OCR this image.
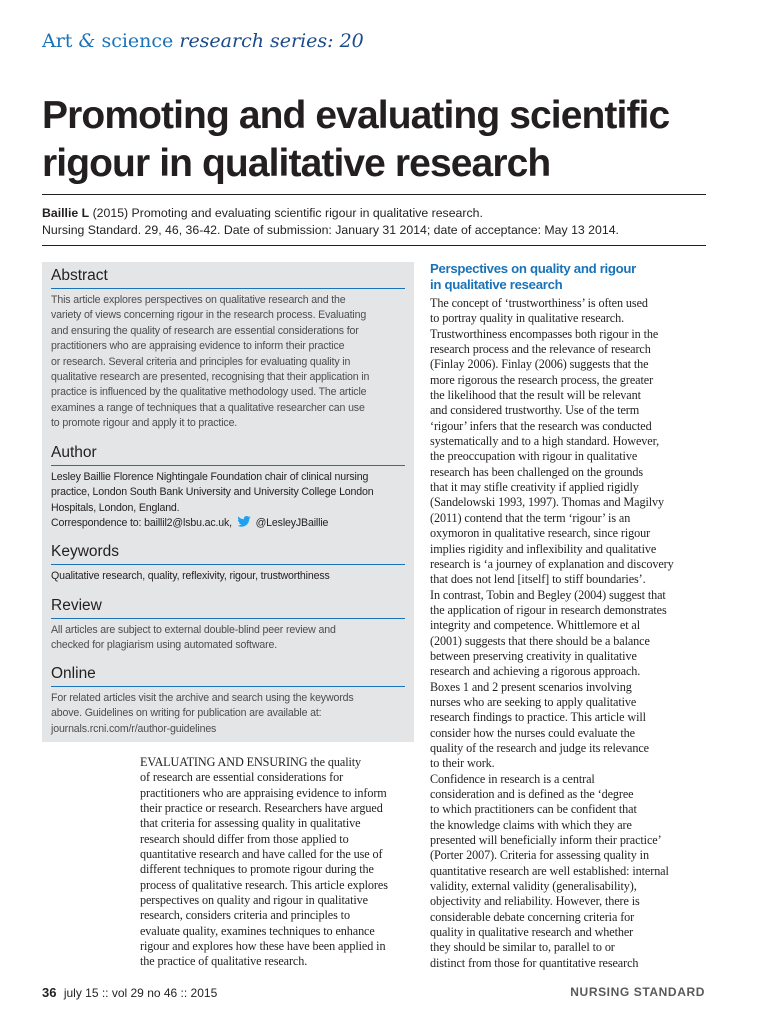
Art & science research series: 20
Promoting and evaluating scientific
rigour in qualitative research
Baillie L (2015) Promoting and evaluating scientific rigour in qualitative research.
Nursing Standard. 29, 46, 36-42. Date of submission: January 31 2014; date of acceptance: May 13 2014.
Abstract
This article explores perspectives on qualitative research and the
variety of views concerning rigour in the research process. Evaluating
and ensuring the quality of research are essential considerations for
practitioners who are appraising evidence to inform their practice
or research. Several criteria and principles for evaluating quality in
qualitative research are presented, recognising that their application in
practice is influenced by the qualitative methodology used. The article
examines a range of techniques that a qualitative researcher can use
to promote rigour and apply it to practice.
Author
Lesley Baillie Florence Nightingale Foundation chair of clinical nursing
practice, London South Bank University and University College London
Hospitals, London, England.
Correspondence to: baillil2@lsbu.ac.uk, @LesleyJBaillie
Keywords
Qualitative research, quality, reflexivity, rigour, trustworthiness
Review
All articles are subject to external double-blind peer review and
checked for plagiarism using automated software.
Online
For related articles visit the archive and search using the keywords
above. Guidelines on writing for publication are available at:
journals.rcni.com/r/author-guidelines
EVALUATING AND ENSURING the quality
of research are essential considerations for
practitioners who are appraising evidence to inform
their practice or research. Researchers have argued
that criteria for assessing quality in qualitative
research should differ from those applied to
quantitative research and have called for the use of
different techniques to promote rigour during the
process of qualitative research. This article explores
perspectives on quality and rigour in qualitative
research, considers criteria and principles to
evaluate quality, examines techniques to enhance
rigour and explores how these have been applied in
the practice of qualitative research.
Perspectives on quality and rigour
in qualitative research
The concept of ‘trustworthiness’ is often used
to portray quality in qualitative research.
Trustworthiness encompasses both rigour in the
research process and the relevance of research
(Finlay 2006). Finlay (2006) suggests that the
more rigorous the research process, the greater
the likelihood that the result will be relevant
and considered trustworthy. Use of the term
‘rigour’ infers that the research was conducted
systematically and to a high standard. However,
the preoccupation with rigour in qualitative
research has been challenged on the grounds
that it may stifle creativity if applied rigidly
(Sandelowski 1993, 1997). Thomas and Magilvy
(2011) contend that the term ‘rigour’ is an
oxymoron in qualitative research, since rigour
implies rigidity and inflexibility and qualitative
research is ‘a journey of explanation and discovery
that does not lend [itself] to stiff boundaries’.
In contrast, Tobin and Begley (2004) suggest that
the application of rigour in research demonstrates
integrity and competence. Whittlemore et al
(2001) suggests that there should be a balance
between preserving creativity in qualitative
research and achieving a rigorous approach.
Boxes 1 and 2 present scenarios involving
nurses who are seeking to apply qualitative
research findings to practice. This article will
consider how the nurses could evaluate the
quality of the research and judge its relevance
to their work.
Confidence in research is a central
consideration and is defined as the ‘degree
to which practitioners can be confident that
the knowledge claims with which they are
presented will beneficially inform their practice’
(Porter 2007). Criteria for assessing quality in
quantitative research are well established: internal
validity, external validity (generalisability),
objectivity and reliability. However, there is
considerable debate concerning criteria for
quality in qualitative research and whether
they should be similar to, parallel to or
distinct from those for quantitative research
36 july 15 :: vol 29 no 46 :: 2015	NURSING STANDARD
